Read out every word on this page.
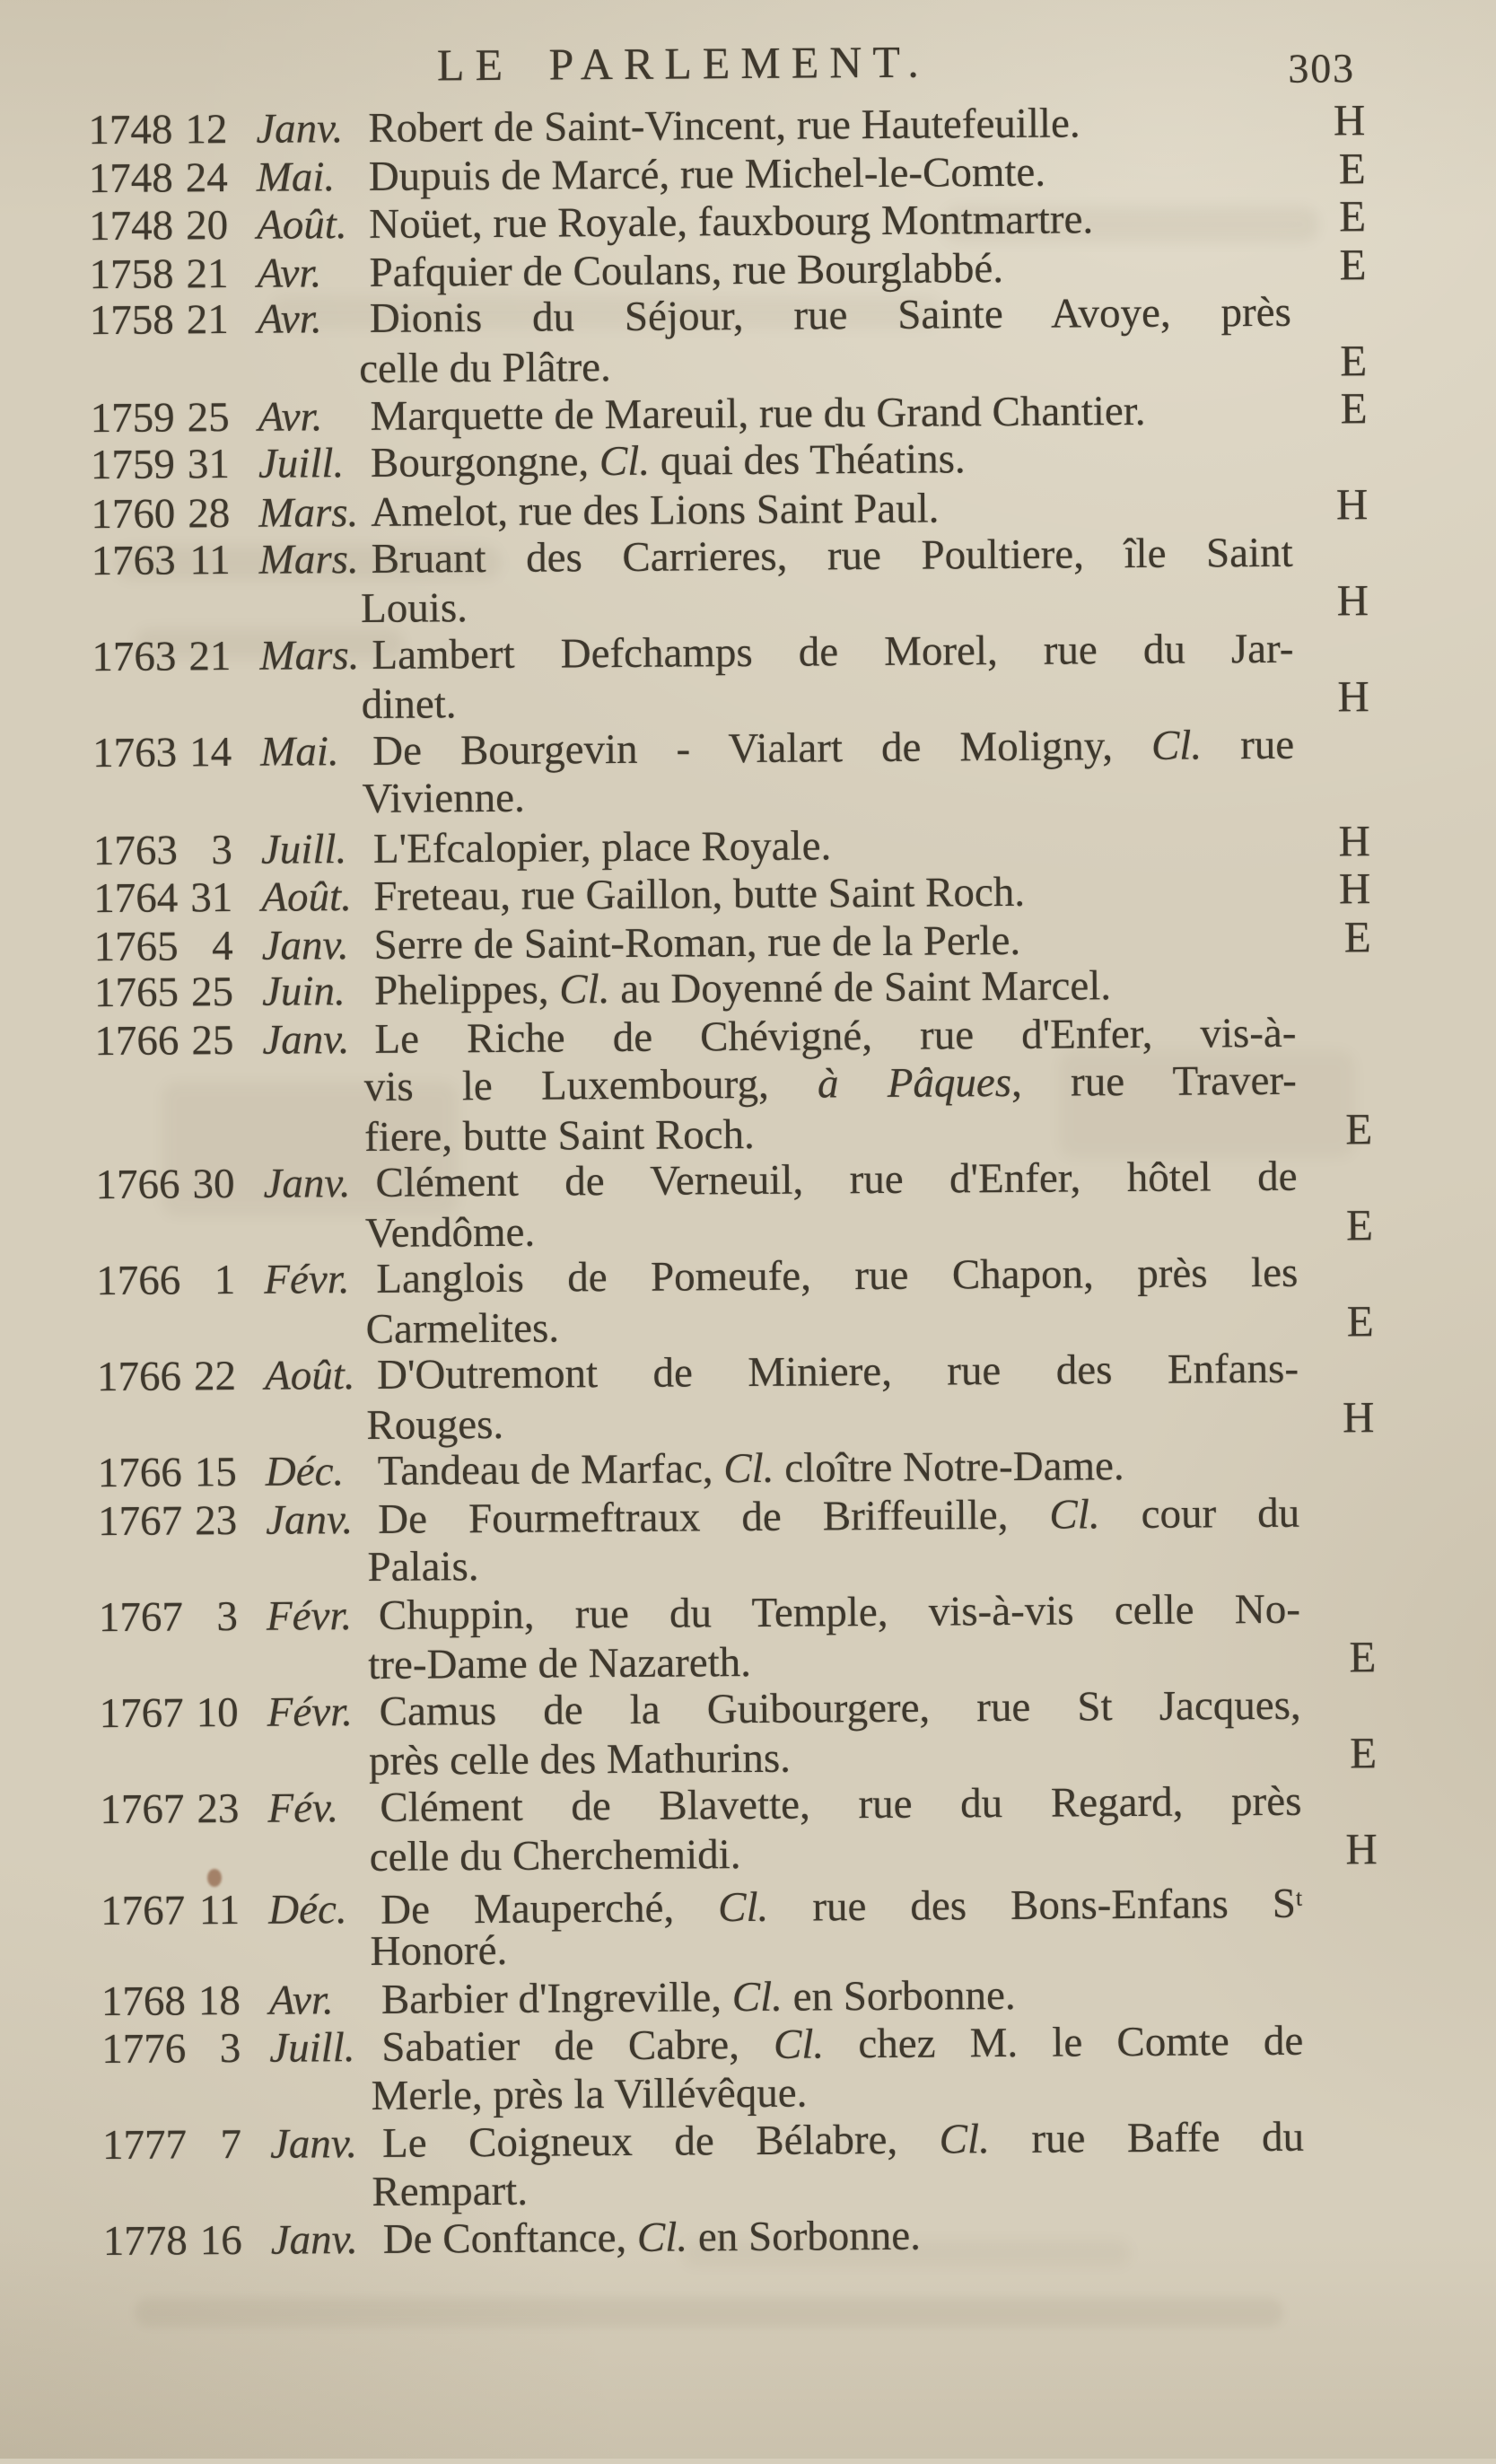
LE PARLEMENT.	303
1748 12 Janv. Robert de Saint-Vincent, rue Hautefeuille.	H
1748 24 Mai. Dupuis de Marcé, rue Michel-le-Comte.	E
1748 20 Août. Noüet, rue Royale, fauxbourg Montmartre.	E
1758 21 Avr.	Pafquier de Coulans, rue Bourglabbé.	E
1758 21 Avr.	Dionis du Séjour, rue Sainte Avoye, près
celle du Plâtre.	E
1759 25 Avr.	Marquette de Mareuil, rue du Grand Chantier.	E
1759 31 Juill. Bourgongne, Cl. quai des Théatins.
1760 28 Mars. Amelot, rue des Lions Saint Paul.	H
1763 11 Mars. Bruant des Carrieres, rue Poultiere, île Saint
Louis.	H
1763 21 Mars. Lambert Defchamps de Morel, rue du Jar-
dinet.	H
1763 14 Mai. De Bourgevin - Vialart de Moligny, Cl. rue
Vivienne.
1763 3 Juill. L'Efcalopier, place Royale.	H
1764 31 Août. Freteau, rue Gaillon, butte Saint Roch.	H
1765 4 Janv. Serre de Saint-Roman, rue de la Perle.	E
1765 25 Juin. Phelippes, Cl. au Doyenné de Saint Marcel.
1766 25 Janv. Le Riche de Chévigné, rue d'Enfer, vis-à-
vis le Luxembourg, à Pâques, rue Traver-
fiere, butte Saint Roch.	E
1766 30 Janv. Clément de Verneuil, rue d'Enfer, hôtel de
Vendôme.	E
1766 1 Févr. Langlois de Pomeufe, rue Chapon, près les
Carmelites.	E
1766 22 Août. D'Outremont de Miniere, rue des Enfans-
Rouges.	H
1766 15 Déc. Tandeau de Marfac, Cl. cloître Notre-Dame.
1767 23 Janv. De Fourmeftraux de Briffeuille, Cl. cour du
Palais.
1767 3 Févr. Chuppin, rue du Temple, vis-à-vis celle No-
tre-Dame de Nazareth.	E
1767 10 Févr. Camus de la Guibourgere, rue St Jacques,
près celle des Mathurins.	E
1767 23 Fév. Clément de Blavette, rue du Regard, près
celle du Cherchemidi.	H
1767 11 Déc. De Mauperché, Cl. rue des Bons-Enfans $S^t$
Honoré.
1768 18 Avr.	Barbier d'Ingreville, Cl. en Sorbonne.
1776 3 Juill. Sabatier de Cabre, Cl. chez M. le Comte de
Merle, près la Villévêque.
1777 7 Janv. Le Coigneux de Bélabre, Cl. rue Baffe du
Rempart.
1778 16 Janv. De Conftance, Cl. en Sorbonne.
